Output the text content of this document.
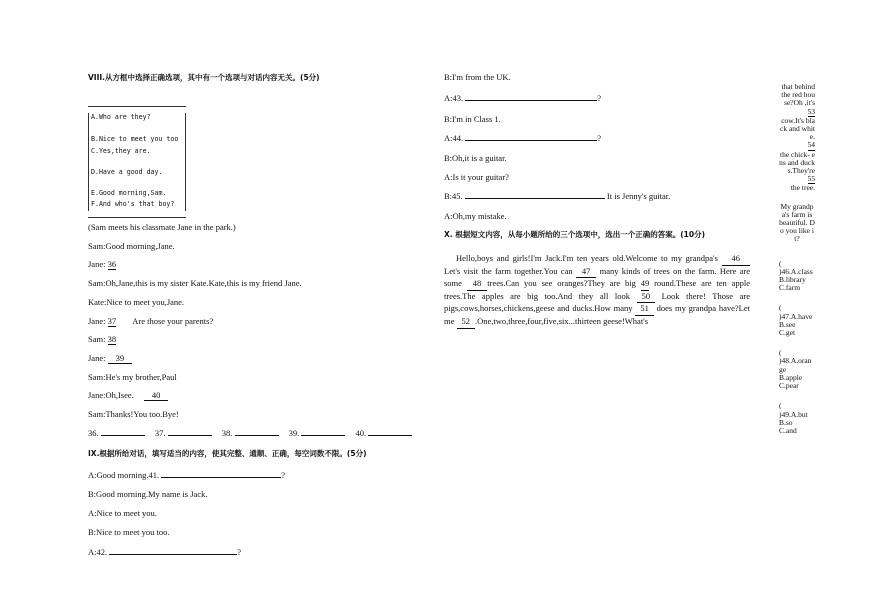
VIII.从方框中选择正确选项，其中有一个选项与对话内容无关。(5分)
A.Who are they?
B.Nice to meet you too
C.Yes,they are.
D.Have a good day.
E.Good morning,Sam.
F.And who's that boy?
(Sam meets his classmate Jane in the park.)
Sam:Good morning,Jane.
Jane: 36
Sam:Oh,Jane,this is my sister Kate.Kate,this is my friend Jane.
Kate:Nice to meet you,Jane.
Jane: 37 Are those your parents?
Sam: 38
Jane: 39
Sam:He's my brother,Paul
Jane:Oh,Isee. 40
Sam:Thanks!You too.Bye!
36.	37.	38.	39.	40.
IX.根据所给对话，填写适当的内容，使其完整、通顺、正确，每空词数不限。(5分)
A:Good morning.41.	?
B:Good morning.My name is Jack.
A:Nice to meet you.
B:Nice to meet you too.
A:42.	?
B:I'm from the UK.
A:43.	?
B:I'm in Class 1.
A:44.	?
B:Oh,it is a guitar.
A:Is it your guitar?
B:45.	It is Jenny's guitar.
A:Oh,my mistake.
X. 根据短文内容，从每小题所给的三个选项中，选出一个正确的答案。(10分)
Hello,boys and girls!I'm Jack.I'm ten years old.Welcome to my grandpa's 46 Let's visit the farm together.You can 47 many kinds of trees on the farm. Here are some 48 trees.Can you see oranges?They are big 49 round.These are ten apple trees.The apples are big too.And they all look 50 Look there! Those are pigs,cows,horses,chickens,geese and ducks.How many 51 does my grandpa have?Let me 52 .One,two,three,four,five,six...thirteen geese!What's

that behind the red house?Oh ,it's

53

cow.It's black and white.

54

the chick- ens and ducks.They're

55

the tree.

My grandpa's farm is beautiful. Do you like it?

(

)46.A.class

B.library

C.farm

(

)47.A.have

B.see

C.get

(

)48.A.orange

B.apple

C.pear

(

)49.A.but

B.so

C.and
